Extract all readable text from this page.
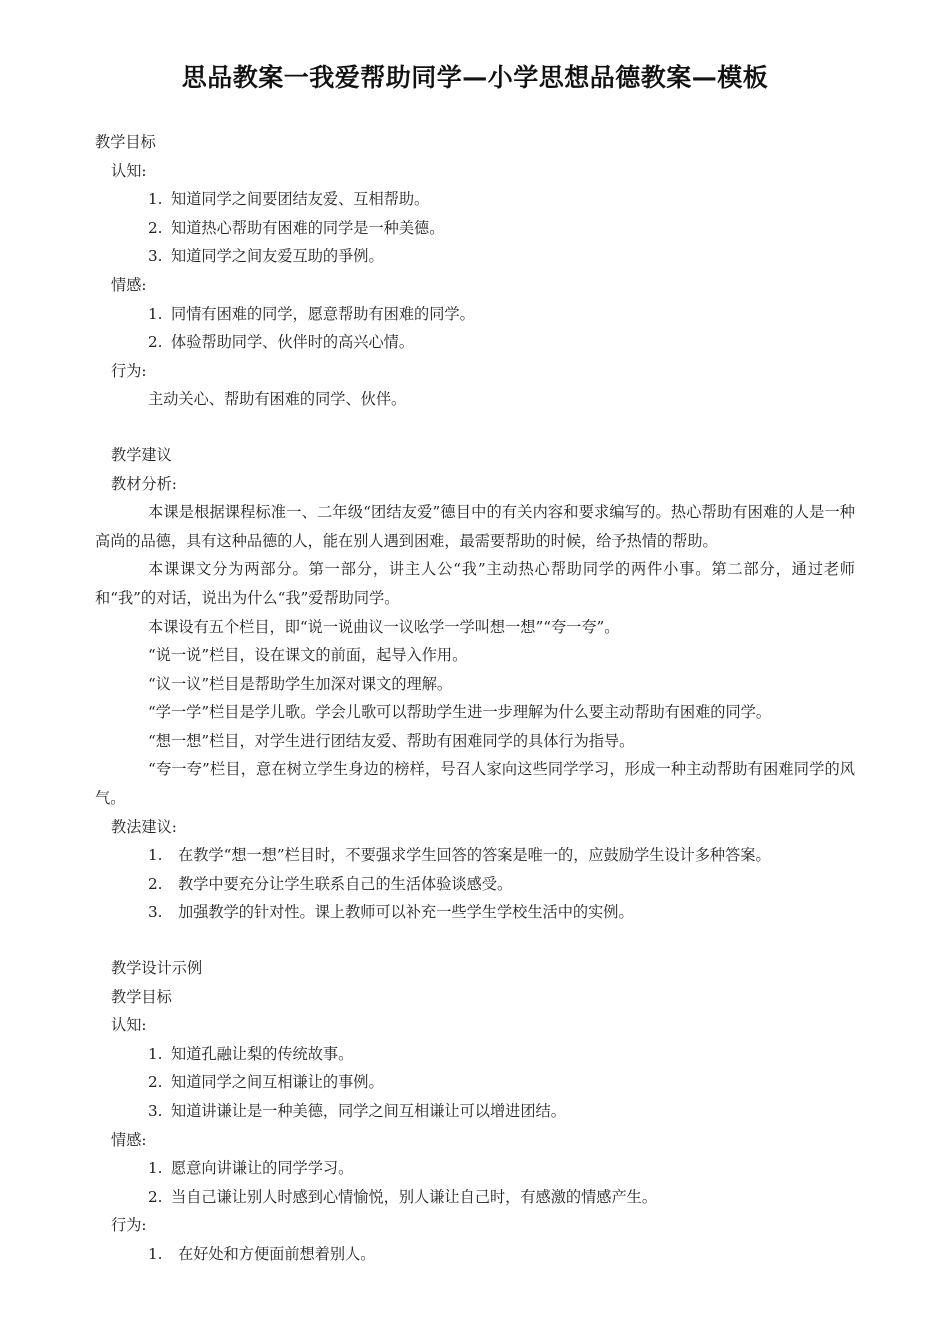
思品教案一我爱帮助同学—小学思想品德教案—模板
教学目标
认知:
1. 知道同学之间要团结友爱、互相帮助。
2. 知道热心帮助有困难的同学是一种美德。
3. 知道同学之间友爱互助的爭例。
情感:
1. 同情有困难的同学，愿意帮助有困难的同学。
2. 体验帮助同学、伙伴时的高兴心情。
行为:
主动关心、帮助有困难的同学、伙伴。
教学建议
教材分析:
本课是根据课程标准一、二年级“团结友爱”德目中的有关内容和要求编写的。热心帮助有困难的人是一种高尚的品德，具有这种品德的人，能在别人遇到困难，最需要帮助的时候，给予热情的帮助。
本课课文分为两部分。第一部分，讲主人公“我”主动热心帮助同学的两件小事。第二部分，通过老师和“我”的对话，说出为什么“我”爱帮助同学。
本课设有五个栏目，即“说一说曲议一议吆学一学叫想一想”“夸一夸”。
“说一说”栏目，设在课文的前面，起导入作用。
“议一议”栏目是帮助学生加深对课文的理解。
“学一学”栏目是学儿歌。学会儿歌可以帮助学生进一步理解为什么要主动帮助有困难的同学。
“想一想”栏目，对学生进行团结友爱、帮助有困难同学的具体行为指导。
“夸一夸”栏目，意在树立学生身边的榜样，号召人家向这些同学学习，形成一种主动帮助有困难同学的风气。
教法建议:
1. 在教学“想一想”栏目时，不要强求学生回答的答案是唯一的，应鼓励学生设计多种答案。
2. 教学中要充分让学生联系自己的生活体验谈感受。
3. 加强教学的针对性。课上教师可以补充一些学生学校生活中的实例。
教学设计示例
教学目标
认知:
1. 知道孔融让梨的传统故事。
2. 知道同学之间互相谦让的事例。
3. 知道讲谦让是一种美德，同学之间互相谦让可以增进团结。
情感:
1. 愿意向讲谦让的同学学习。
2. 当自己谦让别人时感到心情愉悦，别人谦让自己时，有感激的情感产生。
行为:
1. 在好处和方便面前想着别人。
